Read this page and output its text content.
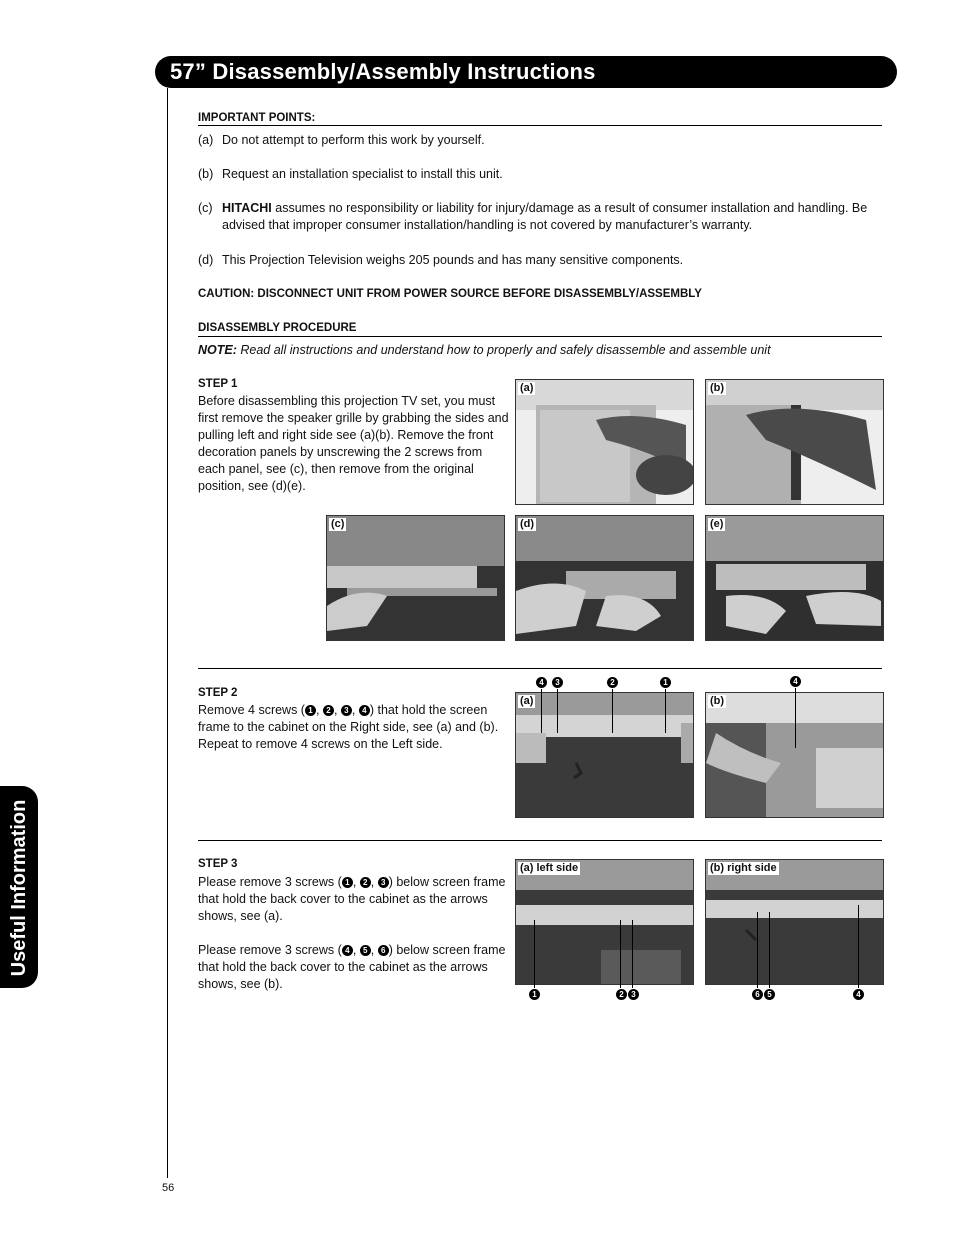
57” Disassembly/Assembly Instructions
Useful Information
IMPORTANT POINTS:
(a) Do not attempt to perform this work by yourself.
(b) Request an installation specialist to install this unit.
(c) HITACHI assumes no responsibility or liability for injury/damage as a result of consumer installation and handling. Be advised that improper consumer installation/handling is not covered by manufacturer’s warranty.
(d) This Projection Television weighs 205 pounds and has many sensitive components.
CAUTION: DISCONNECT UNIT FROM POWER SOURCE BEFORE DISASSEMBLY/ASSEMBLY
DISASSEMBLY PROCEDURE
NOTE: Read all instructions and understand how to properly and safely disassemble and assemble unit
STEP 1
Before disassembling this projection TV set, you must first remove the speaker grille by grabbing the sides and pulling left and right side see (a)(b). Remove the front decoration panels by unscrewing the 2 screws from each panel, see (c), then remove from the original position, see (d)(e).
(a)	(b)
(c)	(d)	(e)
STEP 2
Remove 4 screws ( 1 , 2 , 3 , 4 ) that hold the screen frame to the cabinet on the Right side, see (a) and (b). Repeat to remove 4 screws on the Left side.
4	3	2	1	4
(a)	(b)
STEP 3
Please remove 3 screws ( 1 , 2 , 3 ) below screen frame that hold the back cover to the cabinet as the arrows shows, see (a).
Please remove 3 screws ( 4 , 5 , 6 ) below screen frame that hold the back cover to the cabinet as the arrows shows, see (b).
(a) left side
1	2 3
(b) right side
6 5	4
56
